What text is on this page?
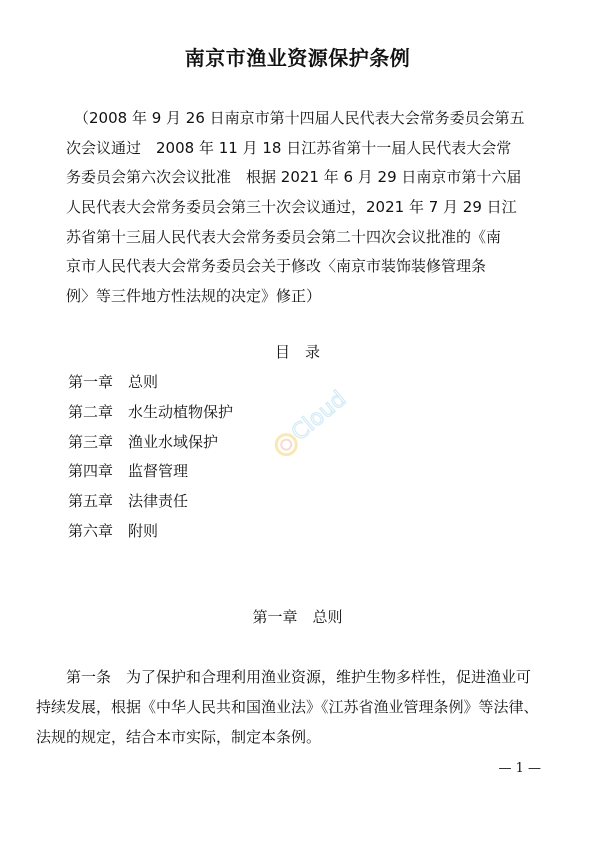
南京市渔业资源保护条例
（2008 年 9 月 26 日南京市第十四届人民代表大会常务委员会第五
次会议通过　2008 年 11 月 18 日江苏省第十一届人民代表大会常
务委员会第六次会议批准　根据 2021 年 6 月 29 日南京市第十六届
人民代表大会常务委员会第三十次会议通过，2021 年 7 月 29 日江
苏省第十三届人民代表大会常务委员会第二十四次会议批准的《南
京市人民代表大会常务委员会关于修改〈南京市装饰装修管理条
例〉等三件地方性法规的决定》修正）
目　录
第一章　总则
第二章　水生动植物保护
第三章　渔业水域保护
第四章　监督管理
第五章　法律责任
第六章　附则
第一章　总则
第一条　为了保护和合理利用渔业资源，维护生物多样性，促进渔业可
持续发展，根据《中华人民共和国渔业法》《江苏省渔业管理条例》等法律、
法规的规定，结合本市实际，制定本条例。
— 1 —
Cloud
